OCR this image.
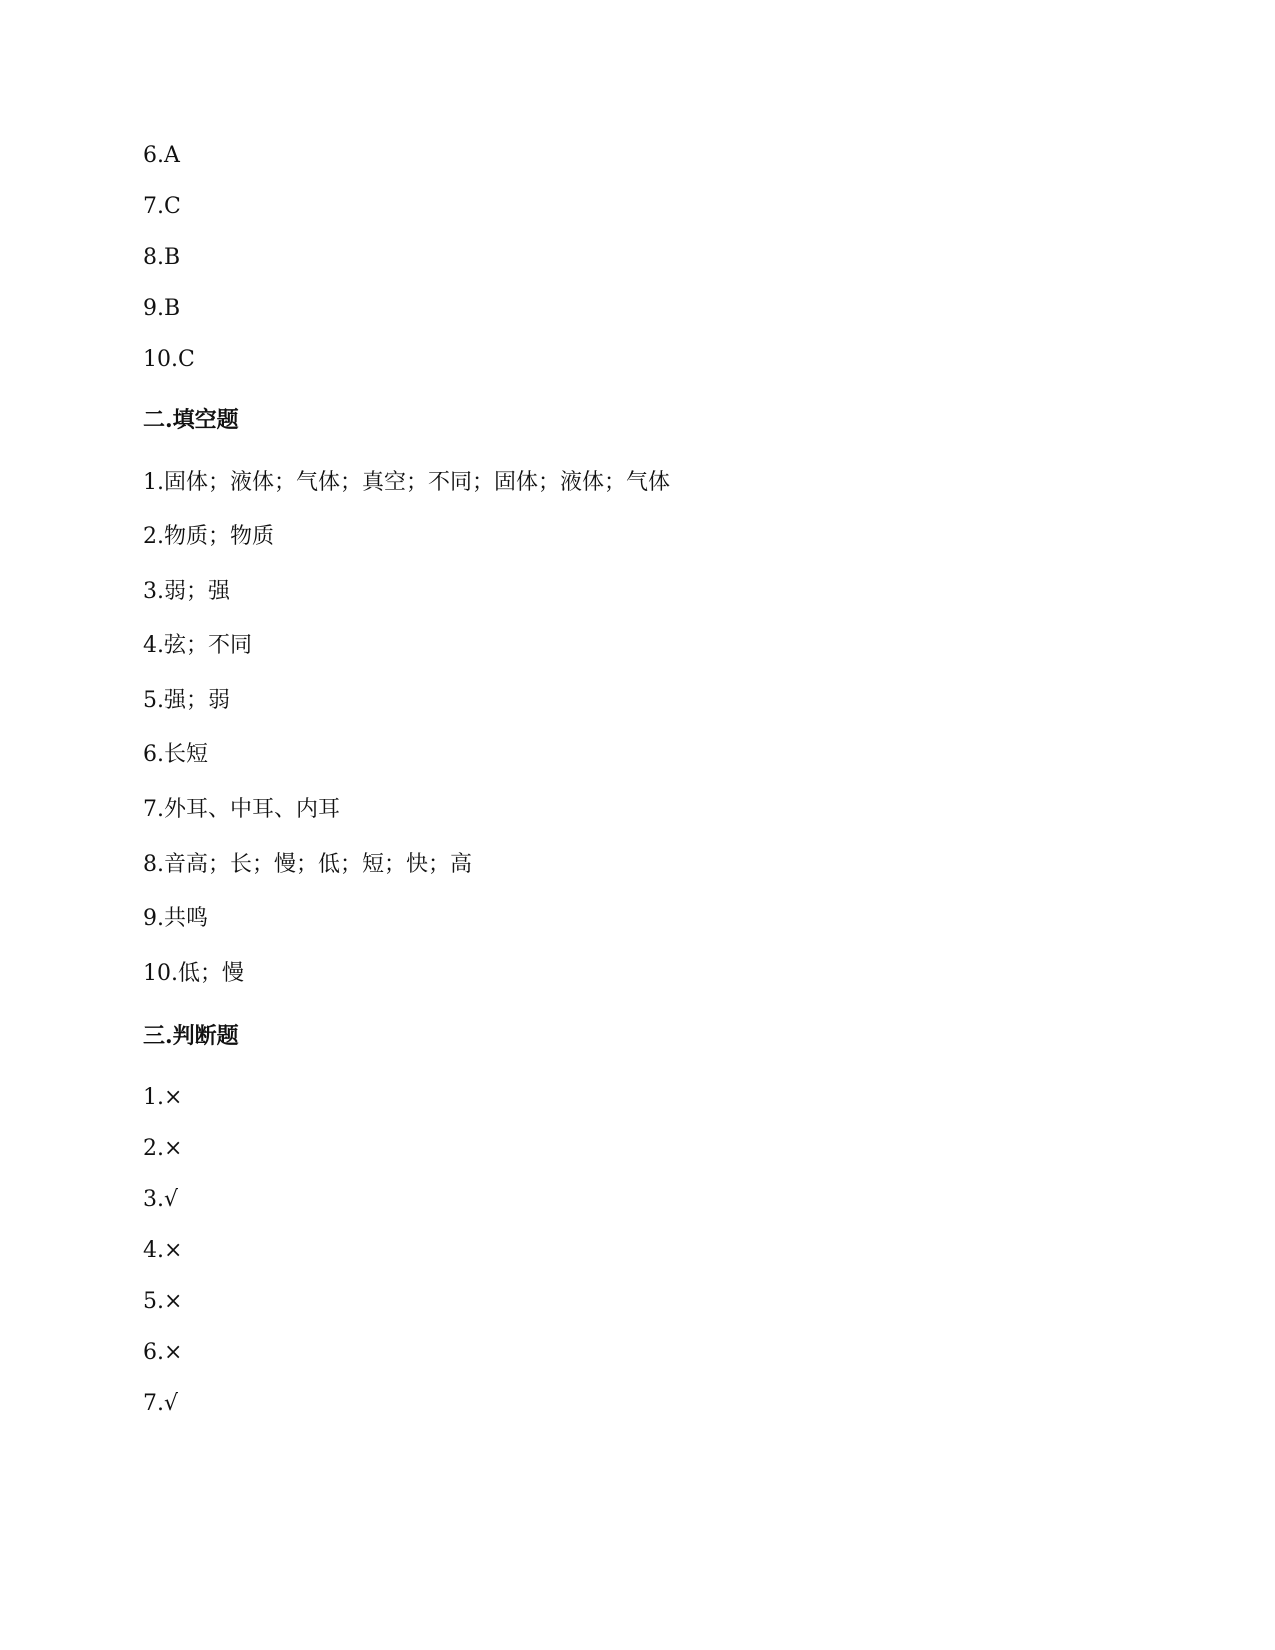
6.A
7.C
8.B
9.B
10.C
二.填空题
1.固体；液体；气体；真空；不同；固体；液体；气体
2.物质；物质
3.弱；强
4.弦；不同
5.强；弱
6.长短
7.外耳、中耳、内耳
8.音高；长；慢；低；短；快；高
9.共鸣
10.低；慢
三.判断题
1.×
2.×
3.√
4.×
5.×
6.×
7.√
